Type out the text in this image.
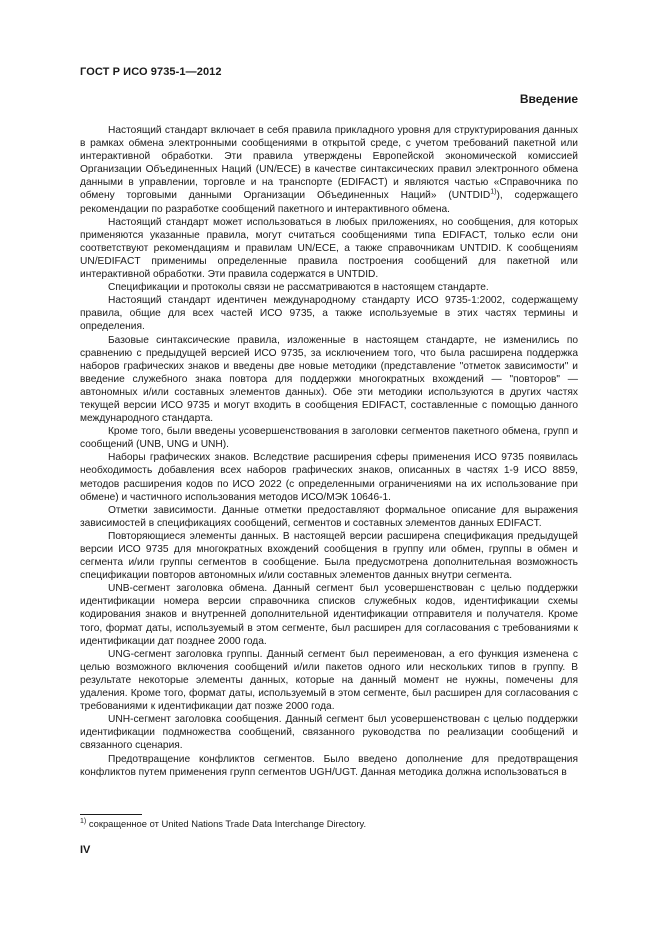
ГОСТ Р ИСО 9735-1—2012
Введение

Настоящий стандарт включает в себя правила прикладного уровня для структурирования данных в рамках обмена электронными сообщениями в открытой среде, с учетом требований пакетной или интерактивной обработки. Эти правила утверждены Европейской экономической комиссией Организации Объединенных Наций (UN/ECE) в качестве синтаксических правил электронного обмена данными в управлении, торговле и на транспорте (EDIFACT) и являются частью «Справочника по обмену торговыми данными Организации Объединенных Наций» (UNTDID$^{1)}$), содержащего рекомендации по разработке сообщений пакетного и интерактивного обмена.

Настоящий стандарт может использоваться в любых приложениях, но сообщения, для которых применяются указанные правила, могут считаться сообщениями типа EDIFACT, только если они соответствуют рекомендациям и правилам UN/ECE, а также справочникам UNTDID. К сообщениям UN/EDIFACT применимы определенные правила построения сообщений для пакетной или интерактивной обработки. Эти правила содержатся в UNTDID.

Спецификации и протоколы связи не рассматриваются в настоящем стандарте.

Настоящий стандарт идентичен международному стандарту ИСО 9735-1:2002, содержащему правила, общие для всех частей ИСО 9735, а также используемые в этих частях термины и определения.

Базовые синтаксические правила, изложенные в настоящем стандарте, не изменились по сравнению с предыдущей версией ИСО 9735, за исключением того, что была расширена поддержка наборов графических знаков и введены две новые методики (представление "отметок зависимости" и введение служебного знака повтора для поддержки многократных вхождений — "повторов" — автономных и/или составных элементов данных). Обе эти методики используются в других частях текущей версии ИСО 9735 и могут входить в сообщения EDIFACT, составленные с помощью данного международного стандарта.

Кроме того, были введены усовершенствования в заголовки сегментов пакетного обмена, групп и сообщений (UNB, UNG и UNH).

Наборы графических знаков. Вследствие расширения сферы применения ИСО 9735 появилась необходимость добавления всех наборов графических знаков, описанных в частях 1-9 ИСО 8859, методов расширения кодов по ИСО 2022 (с определенными ограничениями на их использование при обмене) и частичного использования методов ИСО/МЭК 10646-1.

Отметки зависимости. Данные отметки предоставляют формальное описание для выражения зависимостей в спецификациях сообщений, сегментов и составных элементов данных EDIFACT.

Повторяющиеся элементы данных. В настоящей версии расширена спецификация предыдущей версии ИСО 9735 для многократных вхождений сообщения в группу или обмен, группы в обмен и сегмента и/или группы сегментов в сообщение. Была предусмотрена дополнительная возможность спецификации повторов автономных и/или составных элементов данных внутри сегмента.

UNB-сегмент заголовка обмена. Данный сегмент был усовершенствован с целью поддержки идентификации номера версии справочника списков служебных кодов, идентификации схемы кодирования знаков и внутренней дополнительной идентификации отправителя и получателя. Кроме того, формат даты, используемый в этом сегменте, был расширен для согласования с требованиями к идентификации дат позднее 2000 года.

UNG-сегмент заголовка группы. Данный сегмент был переименован, а его функция изменена с целью возможного включения сообщений и/или пакетов одного или нескольких типов в группу. В результате некоторые элементы данных, которые на данный момент не нужны, помечены для удаления. Кроме того, формат даты, используемый в этом сегменте, был расширен для согласования с требованиями к идентификации дат позже 2000 года.

UNH-сегмент заголовка сообщения. Данный сегмент был усовершенствован с целью поддержки идентификации подмножества сообщений, связанного руководства по реализации сообщений и связанного сценария.

Предотвращение конфликтов сегментов. Было введено дополнение для предотвращения конфликтов путем применения групп сегментов UGH/UGT. Данная методика должна использоваться в

$^{1)}$ сокращенное от United Nations Trade Data Interchange Directory.
IV
